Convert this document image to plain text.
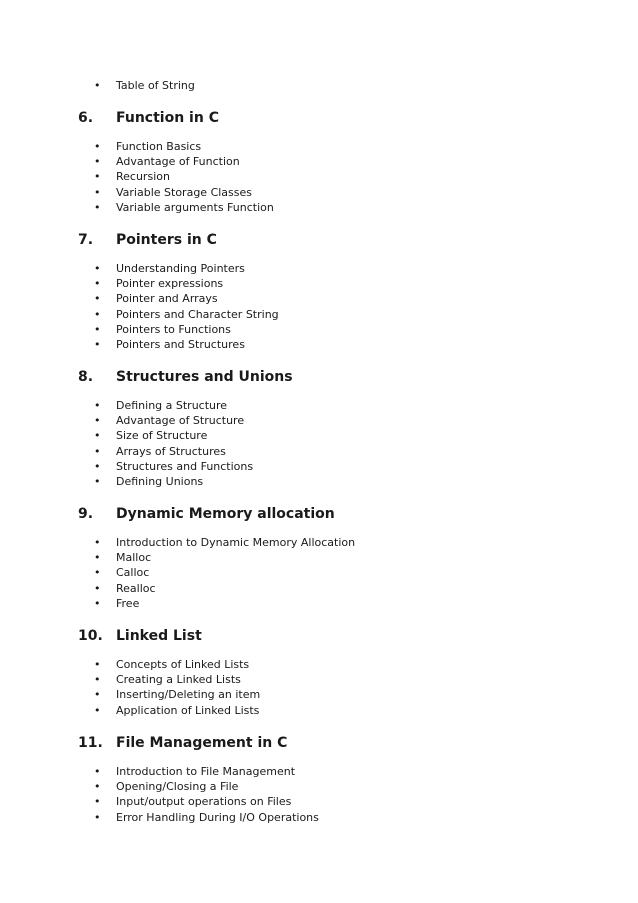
• Table of String
6. Function in C
• Function Basics
• Advantage of Function
• Recursion
• Variable Storage Classes
• Variable arguments Function
7. Pointers in C
• Understanding Pointers
• Pointer expressions
• Pointer and Arrays
• Pointers and Character String
• Pointers to Functions
• Pointers and Structures
8. Structures and Unions
• Defining a Structure
• Advantage of Structure
• Size of Structure
• Arrays of Structures
• Structures and Functions
• Defining Unions
9. Dynamic Memory allocation
• Introduction to Dynamic Memory Allocation
• Malloc
• Calloc
• Realloc
• Free
10. Linked List
• Concepts of Linked Lists
• Creating a Linked Lists
• Inserting/Deleting an item
• Application of Linked Lists
11. File Management in C
• Introduction to File Management
• Opening/Closing a File
• Input/output operations on Files
• Error Handling During I/O Operations
